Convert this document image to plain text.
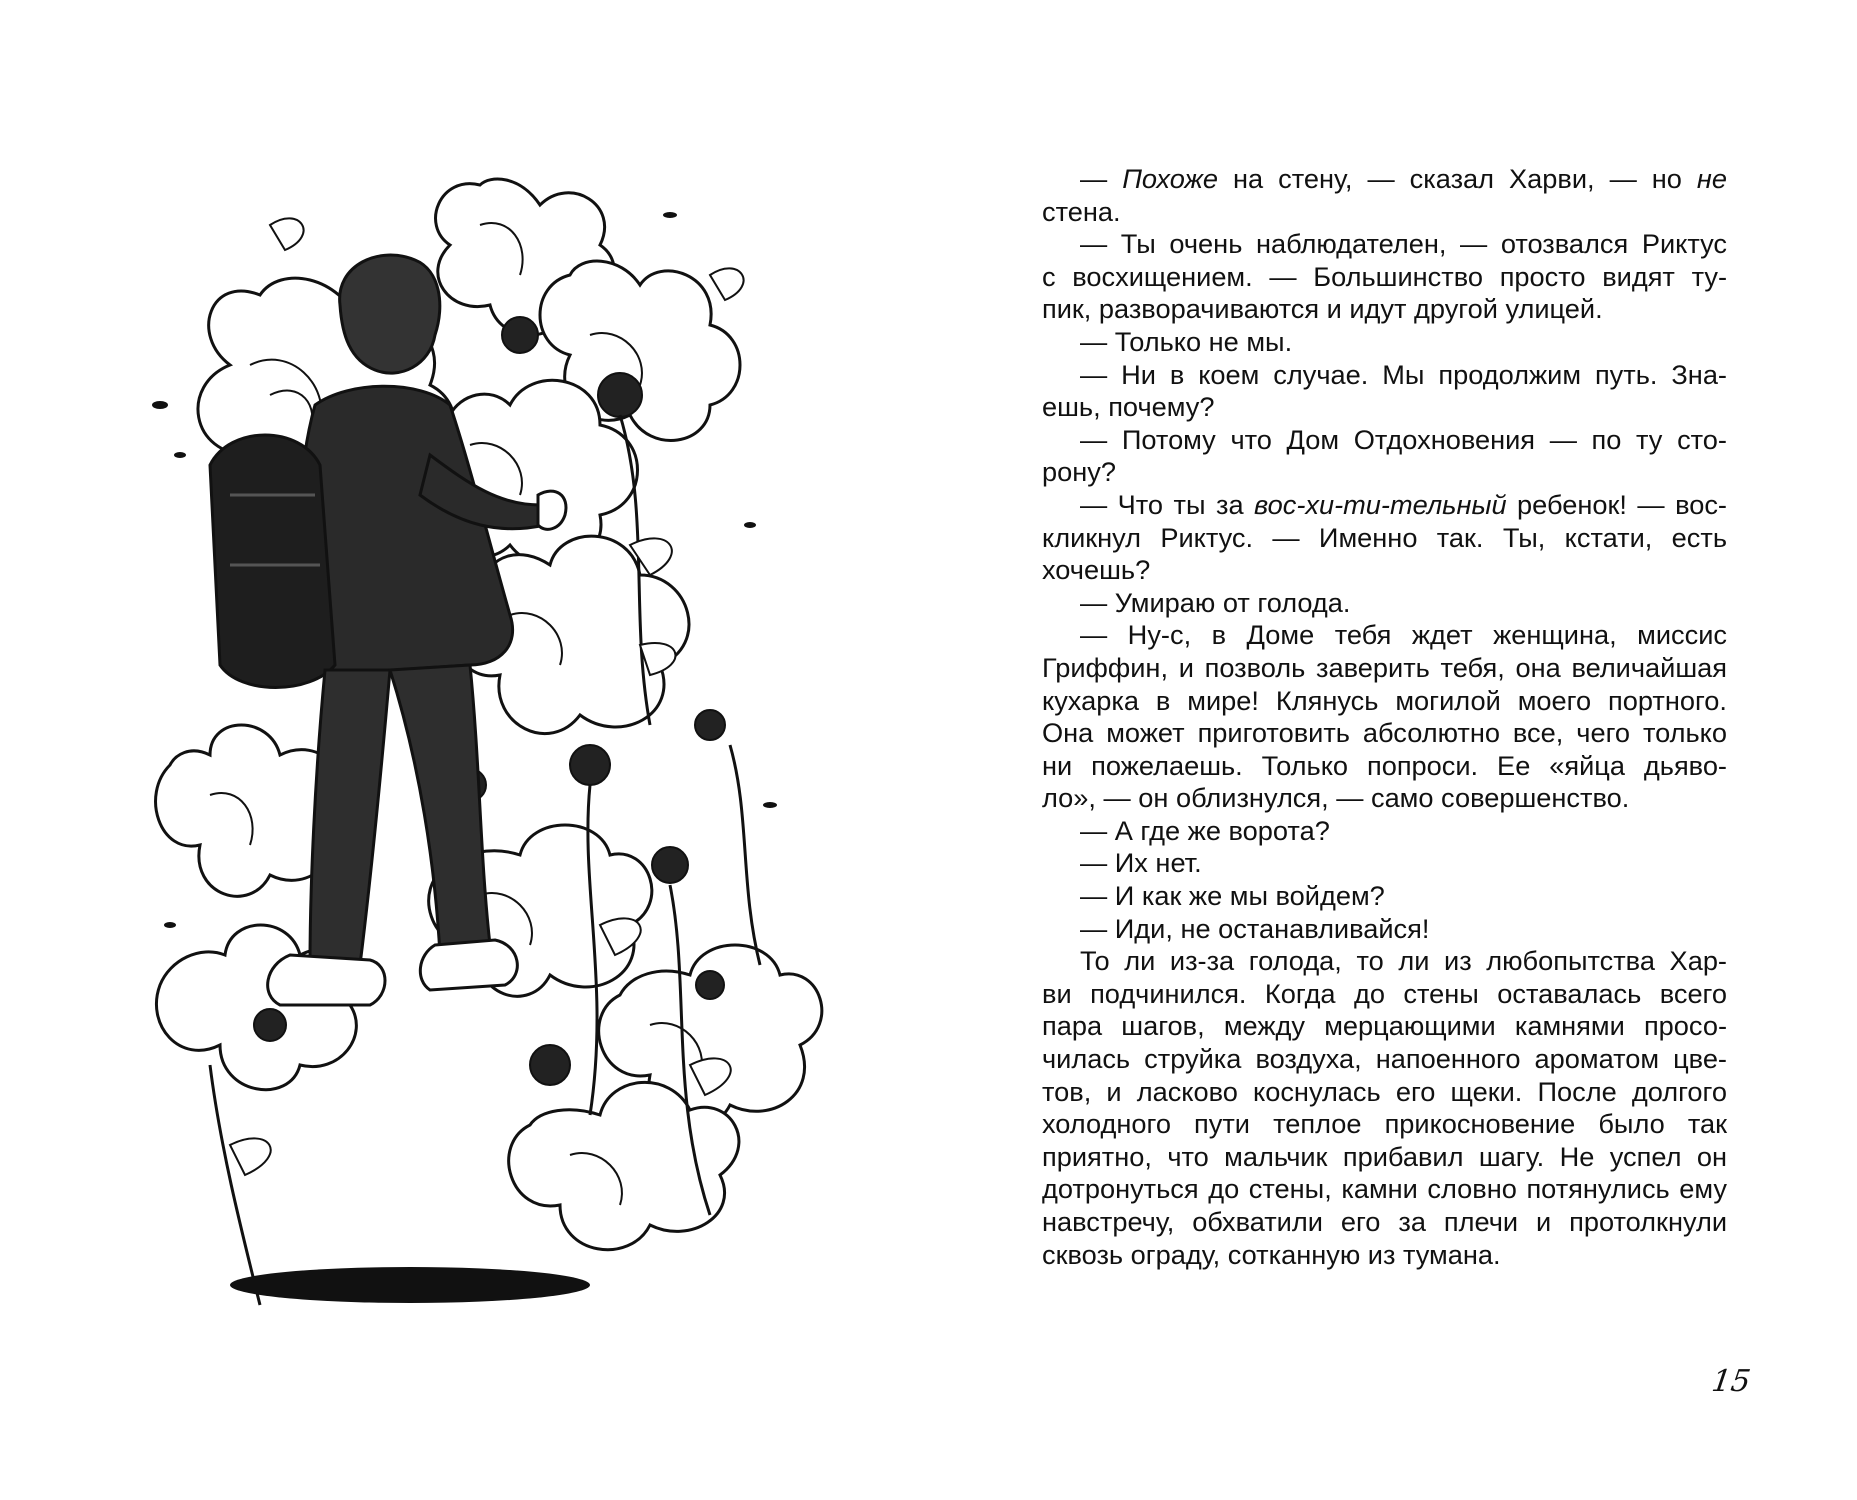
— Похоже на стену, — сказал Харви, — но не
стена.
— Ты очень наблюдателен, — отозвался Риктус
с восхищением. — Большинство просто видят ту-
пик, разворачиваются и идут другой улицей.
— Только не мы.
— Ни в коем случае. Мы продолжим путь. Зна-
ешь, почему?
— Потому что Дом Отдохновения — по ту сто-
рону?
— Что ты за вос-хи-ти-тельный ребенок! — вос-
кликнул Риктус. — Именно так. Ты, кстати, есть
хочешь?
— Умираю от голода.
— Ну-с, в Доме тебя ждет женщина, миссис
Гриффин, и позволь заверить тебя, она величайшая
кухарка в мире! Клянусь могилой моего портного.
Она может приготовить абсолютно все, чего только
ни пожелаешь. Только попроси. Ее «яйца дьяво-
ло», — он облизнулся, — само совершенство.
— А где же ворота?
— Их нет.
— И как же мы войдем?
— Иди, не останавливайся!
То ли из-за голода, то ли из любопытства Хар-
ви подчинился. Когда до стены оставалась всего
пара шагов, между мерцающими камнями просо-
чилась струйка воздуха, напоенного ароматом цве-
тов, и ласково коснулась его щеки. После долгого
холодного пути теплое прикосновение было так
приятно, что мальчик прибавил шагу. Не успел он
дотронуться до стены, камни словно потянулись ему
навстречу, обхватили его за плечи и протолкнули
сквозь ограду, сотканную из тумана.
15
